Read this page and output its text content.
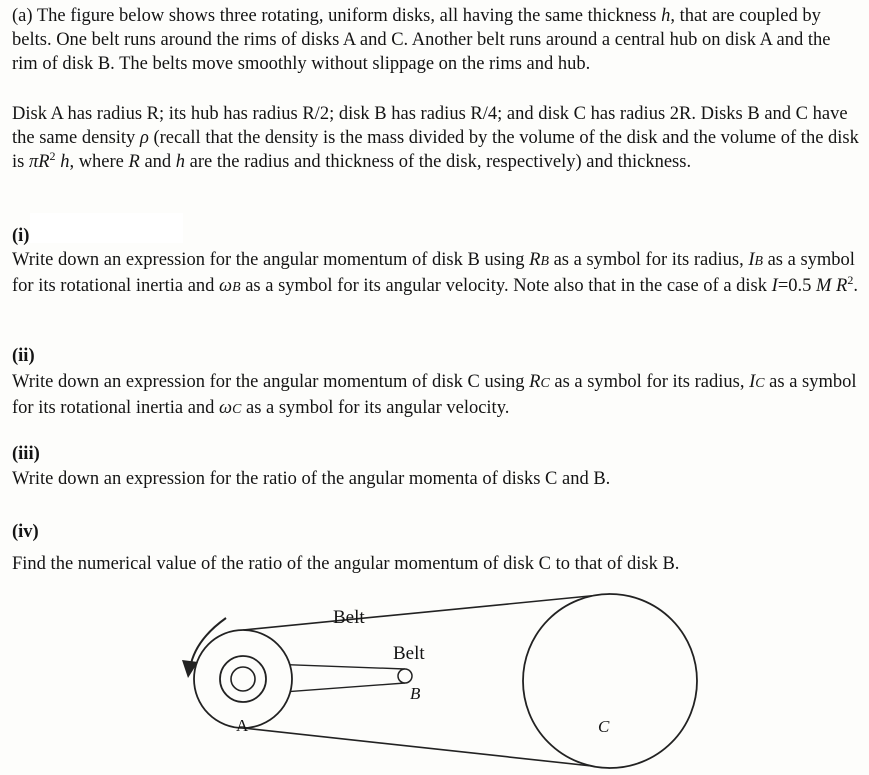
(a) The figure below shows three rotating, uniform disks, all having the same thickness h, that are coupled by belts. One belt runs around the rims of disks A and C. Another belt runs around a central hub on disk A and the rim of disk B. The belts move smoothly without slippage on the rims and hub.

Disk A has radius R; its hub has radius R/2; disk B has radius R/4; and disk C has radius 2R. Disks B and C have the same density ρ (recall that the density is the mass divided by the volume of the disk and the volume of the disk is $\pi R^2$ h, where R and h are the radius and thickness of the disk, respectively) and thickness.

(i)

Write down an expression for the angular momentum of disk B using RB as a symbol for its radius, IB as a symbol for its rotational inertia and ωB as a symbol for its angular velocity. Note also that in the case of a disk I=0.5 M $R^2$.

(ii)

Write down an expression for the angular momentum of disk C using RC as a symbol for its radius, IC as a symbol for its rotational inertia and ωC as a symbol for its angular velocity.

(iii)

Write down an expression for the ratio of the angular momenta of disks C and B.

(iv)

Find the numerical value of the ratio of the angular momentum of disk C to that of disk B.

Belt
Belt
A
B
C
